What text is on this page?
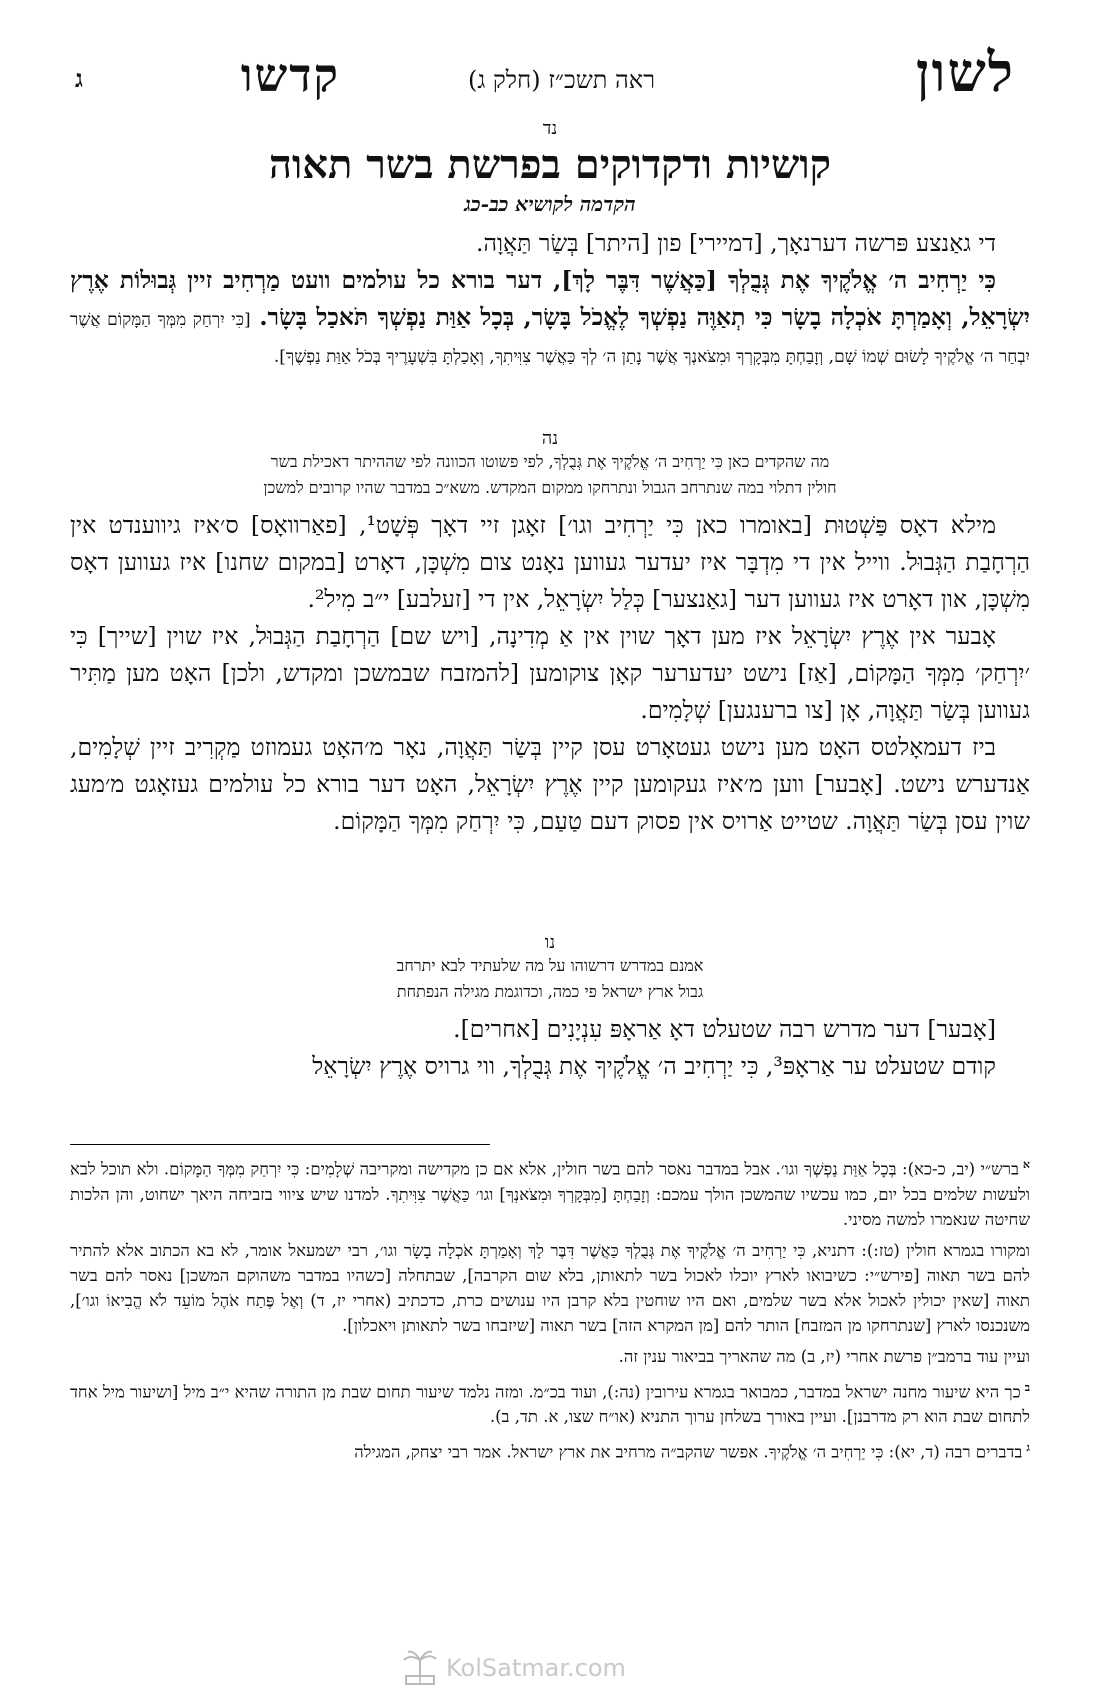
לשון
ראה תשכ״ז (חלק ג)
קדשו
ג
נד
קושיות ודקדוקים בפרשת בשר תאוה
הקדמה לקושיא כב-כג

די גאַנצע פּרשה דערנאָך, [דמיירי] פון [היתר] בְּשַׂר תַּאֲוָה.

כִּי יַרְחִיב ה׳ אֱלֹקֶיךָ אֶת גְּבֻלְךָ [כַּאֲשֶׁר דִּבֶּר לָךְ], דער בורא כל עולמים וועט מַרְחִיב זיין גְּבוּלוֹת אֶרֶץ יִשְׂרָאֵל, וְאָמַרְתָּ אֹכְלָה בָשָׂר כִּי תְאַוֶּה נַפְשְׁךָ לֶאֱכֹל בָּשָׂר, בְּכָל אַוַּת נַפְשְׁךָ תֹּאכַל בָּשָׂר. [כִּי יִרְחַק מִמְּךָ הַמָּקוֹם אֲשֶׁר יִבְחַר ה׳ אֱלֹקֶיךָ לָשׂוּם שְׁמוֹ שָׁם, וְזָבַחְתָּ מִבְּקָרְךָ וּמִצֹּאנְךָ אֲשֶׁר נָתַן ה׳ לְךָ כַּאֲשֶׁר צִוִּיתִךָ, וְאָכַלְתָּ בִּשְׁעָרֶיךָ בְּכֹל אַוַּת נַפְשֶׁךָ].

נה
מה שהקדים כאן כִּי יַרְחִיב ה׳ אֱלֹקֶיךָ אֶת גְּבֻלְךָ, לפי פשוטו הכוונה לפי שההיתר דאכילת בשר
חולין דתלוי במה שנתרחב הגבול ונתרחקו ממקום המקדש. משא״כ במדבר שהיו קרובים למשכן

מילא דאָס פַּשְׁטוּת [באומרו כאן כִּי יַרְחִיב וגו׳] זאָגן זיי דאָך פְּשָׁט¹, [פאַרוואָס] ס׳איז גיווענדט אין הַרְחָבַת הַגְּבוּל. ווייל אין די מִדְבָּר איז יעדער געווען נאָנט צום מִשְׁכָּן, דאָרט [במקום שחנו] איז געווען דאָס מִשְׁכָּן, און דאָרט איז געווען דער [גאַנצער] כְּלַל יִשְׂרָאֵל, אין די [זעלבע] י״ב מִיל².

אָבער אין אֶרֶץ יִשְׂרָאֵל איז מען דאָך שוין אין אַ מְדִינָה, [ויש שם] הַרְחָבַת הַגְּבוּל, איז שוין [שייך] כִּי ׳יִרְחַק׳ מִמְּךָ הַמָּקוֹם, [אַז] נישט יעדערער קאָן צוקומען [להמזבח שבמשכן ומקדש, ולכן] האָט מען מַתִּיר געווען בְּשַׂר תַּאֲוָה, אָן [צו ברענגען] שְׁלָמִים.

ביז דעמאָלטס האָט מען נישט געטאָרט עסן קיין בְּשַׂר תַּאֲוָה, נאָר מ׳האָט געמוזט מַקְרִיב זיין שְׁלָמִים, אַנדערש נישט. [אָבער] ווען מ׳איז געקומען קיין אֶרֶץ יִשְׂרָאֵל, האָט דער בורא כל עולמים געזאָגט מ׳מעג שוין עסן בְּשַׂר תַּאֲוָה. שטייט אַרויס אין פסוק דעם טַעַם, כִּי יִרְחַק מִמְּךָ הַמָּקוֹם.

נו
אמנם במדרש דרשוהו על מה שלעתיד לבא יתרחב
גבול ארץ ישראל פי כמה, וכדוגמת מגילה הנפתחת

[אָבער] דער מדרש רבה שטעלט דאָ אַראָפּ עִנְיָנִים [אחרים].

קודם שטעלט ער אַראָפּ³, כִּי יַרְחִיב ה׳ אֱלֹקֶיךָ אֶת גְּבֻלְךָ, ווי גרויס אֶרֶץ יִשְׂרָאֵל

$^א$ברש״י (יב, כ-כא): בְּכָל אַוַּת נַפְשְׁךָ וגו׳. אבל במדבר נאסר להם בשר חולין, אלא אם כן מקדישה ומקריבה שְׁלָמִים: כִּי יִרְחַק מִמְּךָ הַמָּקוֹם. ולא תוכל לבא ולעשות שלמים בכל יום, כמו עכשיו שהמשכן הולך עמכם: וְזָבַחְתָּ [מִבְּקָרְךָ וּמִצֹּאנְךָ] וגו׳ כַּאֲשֶׁר צִוִּיתִךָ. למדנו שיש ציווי בזביחה היאך ישחוט, והן הלכות שחיטה שנאמרו למשה מסיני.

ומקורו בגמרא חולין (טז:): דתניא, כִּי יַרְחִיב ה׳ אֱלֹקֶיךָ אֶת גְּבֻלְךָ כַּאֲשֶׁר דִּבֶּר לָךְ וְאָמַרְתָּ אֹכְלָה בָשָׂר וגו׳, רבי ישמעאל אומר, לא בא הכתוב אלא להתיר להם בשר תאוה [פירש״י: כשיבואו לארץ יוכלו לאכול בשר לתאותן, בלא שום הקרבה], שבתחלה [כשהיו במדבר משהוקם המשכן] נאסר להם בשר תאוה [שאין יכולין לאכול אלא בשר שלמים, ואם היו שוחטין בלא קרבן היו ענושים כרת, כדכתיב (אחרי יז, ד) וְאֶל פֶּתַח אֹהֶל מוֹעֵד לֹא הֱבִיאוֹ וגו׳], משנכנסו לארץ [שנתרחקו מן המזבח] הותר להם [מן המקרא הזה] בשר תאוה [שיזבחו בשר לתאותן ויאכלון].

ועיין עוד ברמב״ן פרשת אחרי (יז, ב) מה שהאריך בביאור ענין זה.

$^ב$כך היא שיעור מחנה ישראל במדבר, כמבואר בגמרא עירובין (נה:), ועוד בכ״מ. ומזה נלמד שיעור תחום שבת מן התורה שהיא י״ב מיל [ושיעור מיל אחד לתחום שבת הוא רק מדרבנן]. ועיין באורך בשלחן ערוך התניא (או״ח שצו, א. תד, ב).

$^ג$בדברים רבה (ד, יא): כִּי יַרְחִיב ה׳ אֱלֹקֶיךָ. אפשר שהקב״ה מרחיב את ארץ ישראל. אמר רבי יצחק, המגילה

KolSatmar.com
